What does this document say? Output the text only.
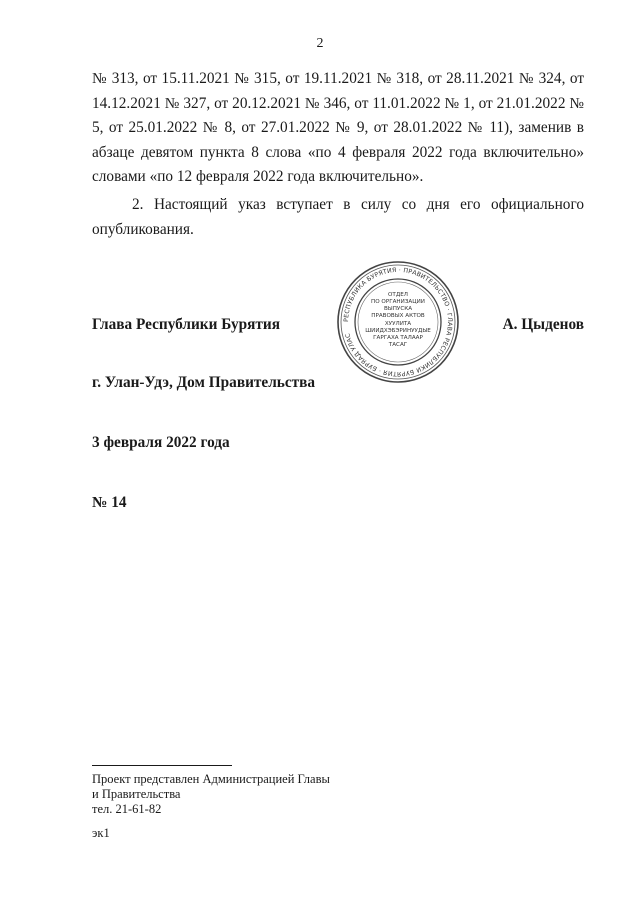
2
№ 313, от 15.11.2021 № 315, от 19.11.2021 № 318, от 28.11.2021 № 324, от 14.12.2021 № 327, от 20.12.2021 № 346, от 11.01.2022 № 1, от 21.01.2022 № 5, от 25.01.2022 № 8, от 27.01.2022 № 9, от 28.01.2022 № 11), заменив в абзаце девятом пункта 8 слова «по 4 февраля 2022 года включительно» словами «по 12 февраля 2022 года включительно».
2. Настоящий указ вступает в силу со дня его официального опубликования.
Глава Республики Бурятия	РЕСПУБЛИКА БУРЯТИЯ · ПРАВИТЕЛЬСТВО · ГЛАВА РЕСПУБЛИКИ БУРЯТИЯ · БУРЯАД УЛАС
ОТДЕЛ
ПО ОРГАНИЗАЦИИ
ВЫПУСКА
ПРАВОВЫХ АКТОВ
ХУУЛИТА
ШИИДХЭБЭРИНУУДЫЕ
ГАРГАХА ТАЛААР
ТАСАГ
А. Цыденов
г. Улан-Удэ, Дом Правительства
3 февраля 2022 года
№ 14
Проект представлен Администрацией Главы
и Правительства
тел. 21-61-82
эк1
